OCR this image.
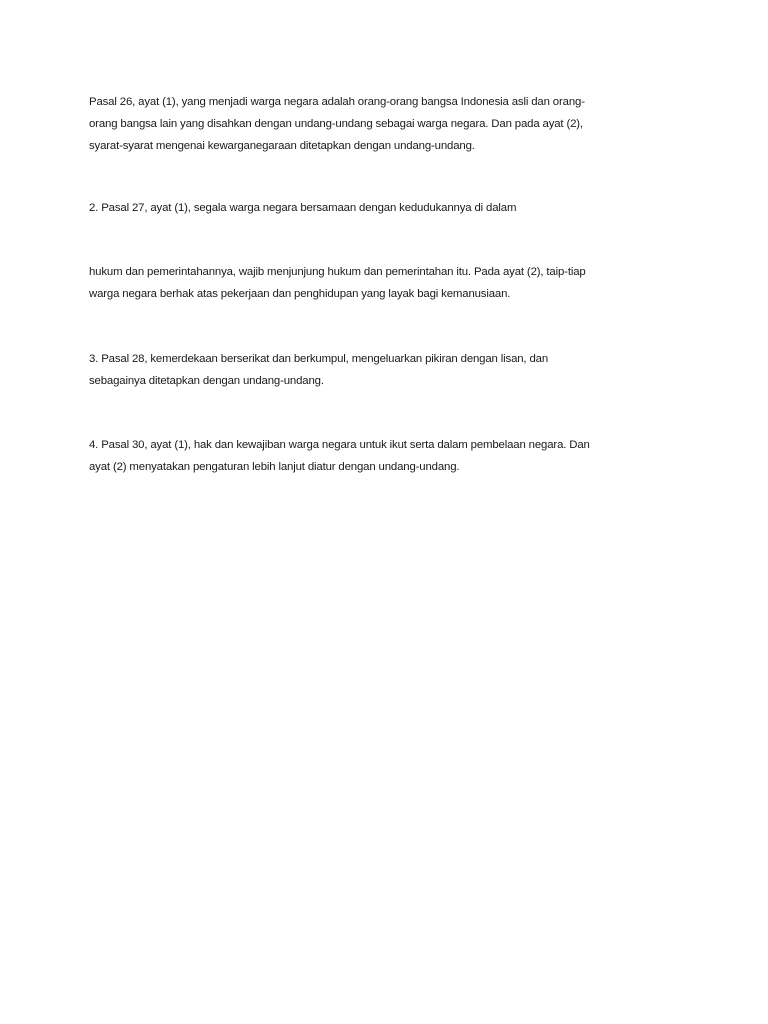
Pasal 26, ayat (1), yang menjadi warga negara adalah orang-orang bangsa Indonesia asli dan orang-
orang bangsa lain yang disahkan dengan undang-undang sebagai warga negara. Dan pada ayat (2),
syarat-syarat mengenai kewarganegaraan ditetapkan dengan undang-undang.

2. Pasal 27, ayat (1), segala warga negara bersamaan dengan kedudukannya di dalam

hukum dan pemerintahannya, wajib menjunjung hukum dan pemerintahan itu. Pada ayat (2), taip-tiap
warga negara berhak atas pekerjaan dan penghidupan yang layak bagi kemanusiaan.

3. Pasal 28, kemerdekaan berserikat dan berkumpul, mengeluarkan pikiran dengan lisan, dan
sebagainya ditetapkan dengan undang-undang.

4. Pasal 30, ayat (1), hak dan kewajiban warga negara untuk ikut serta dalam pembelaan negara. Dan
ayat (2) menyatakan pengaturan lebih lanjut diatur dengan undang-undang.
